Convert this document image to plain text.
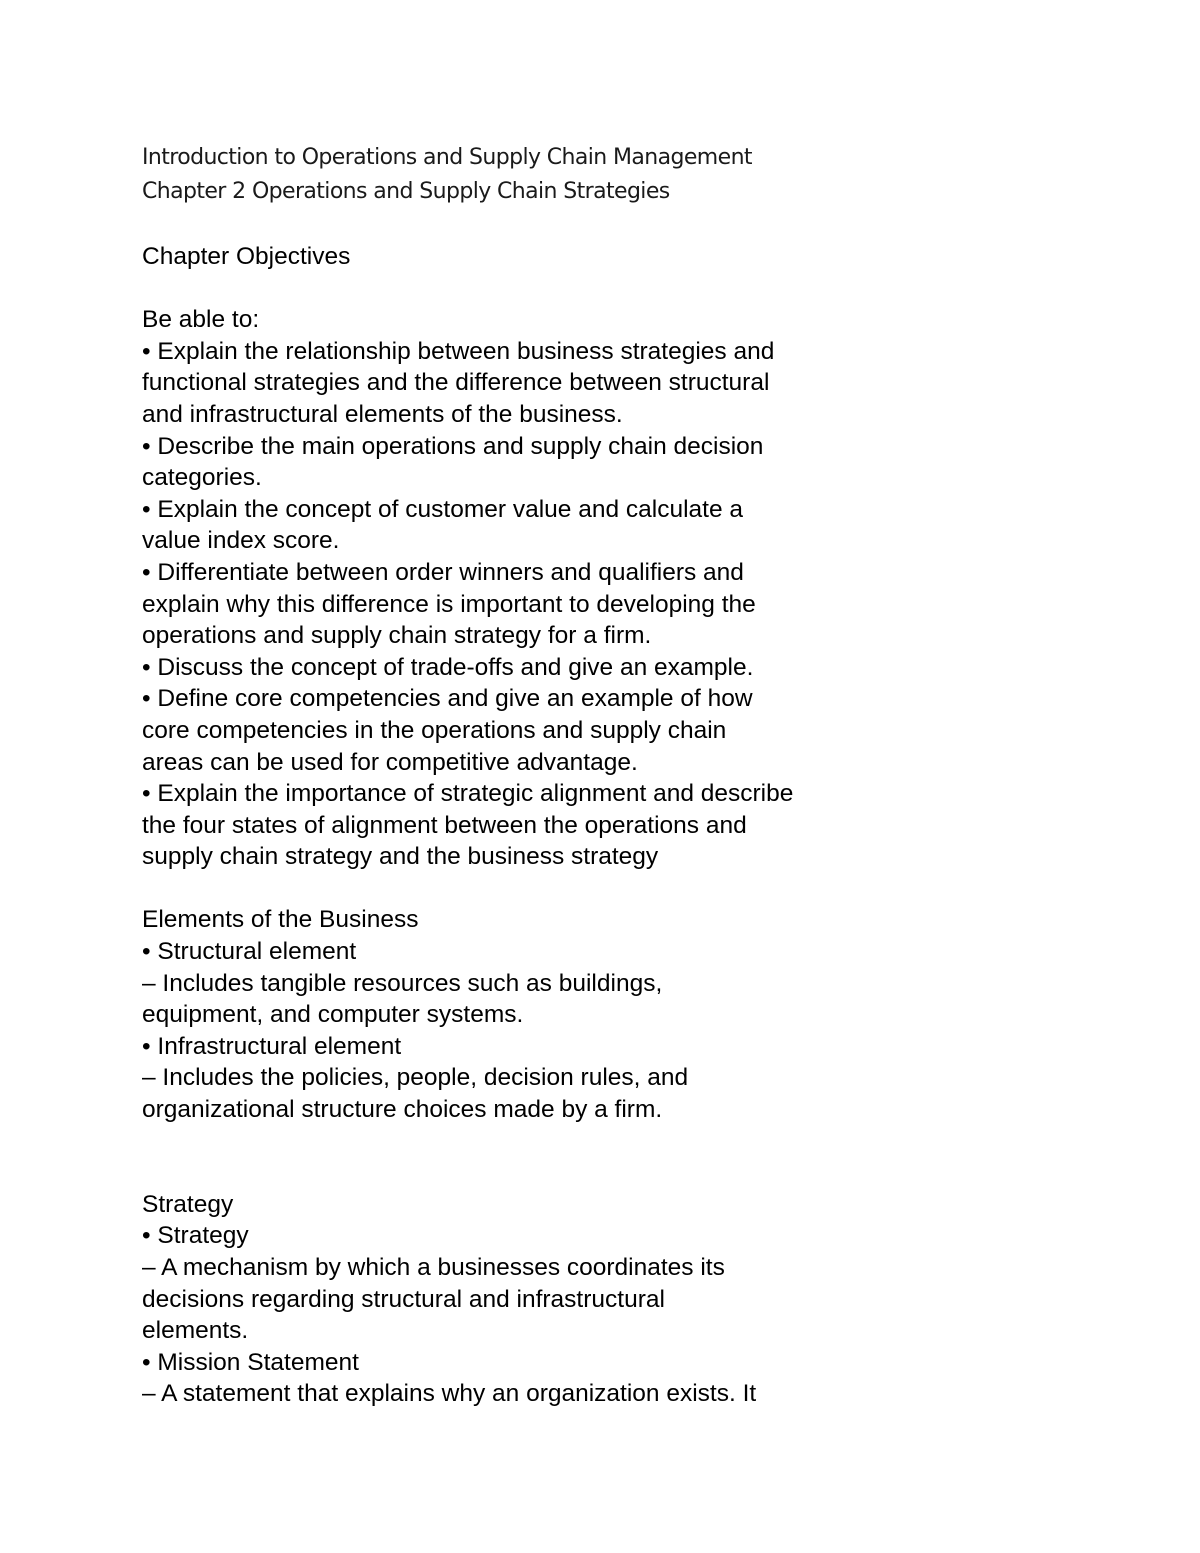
Introduction to Operations and Supply Chain Management
Chapter 2 Operations and Supply Chain Strategies
Chapter Objectives
Be able to:
• Explain the relationship between business strategies and
functional strategies and the difference between structural
and infrastructural elements of the business.
• Describe the main operations and supply chain decision
categories.
• Explain the concept of customer value and calculate a
value index score.
• Differentiate between order winners and qualifiers and
explain why this difference is important to developing the
operations and supply chain strategy for a firm.
• Discuss the concept of trade-offs and give an example.
• Define core competencies and give an example of how
core competencies in the operations and supply chain
areas can be used for competitive advantage.
• Explain the importance of strategic alignment and describe
the four states of alignment between the operations and
supply chain strategy and the business strategy
Elements of the Business
• Structural element
– Includes tangible resources such as buildings,
equipment, and computer systems.
• Infrastructural element
– Includes the policies, people, decision rules, and
organizational structure choices made by a firm.
Strategy
• Strategy
– A mechanism by which a businesses coordinates its
decisions regarding structural and infrastructural
elements.
• Mission Statement
– A statement that explains why an organization exists. It
